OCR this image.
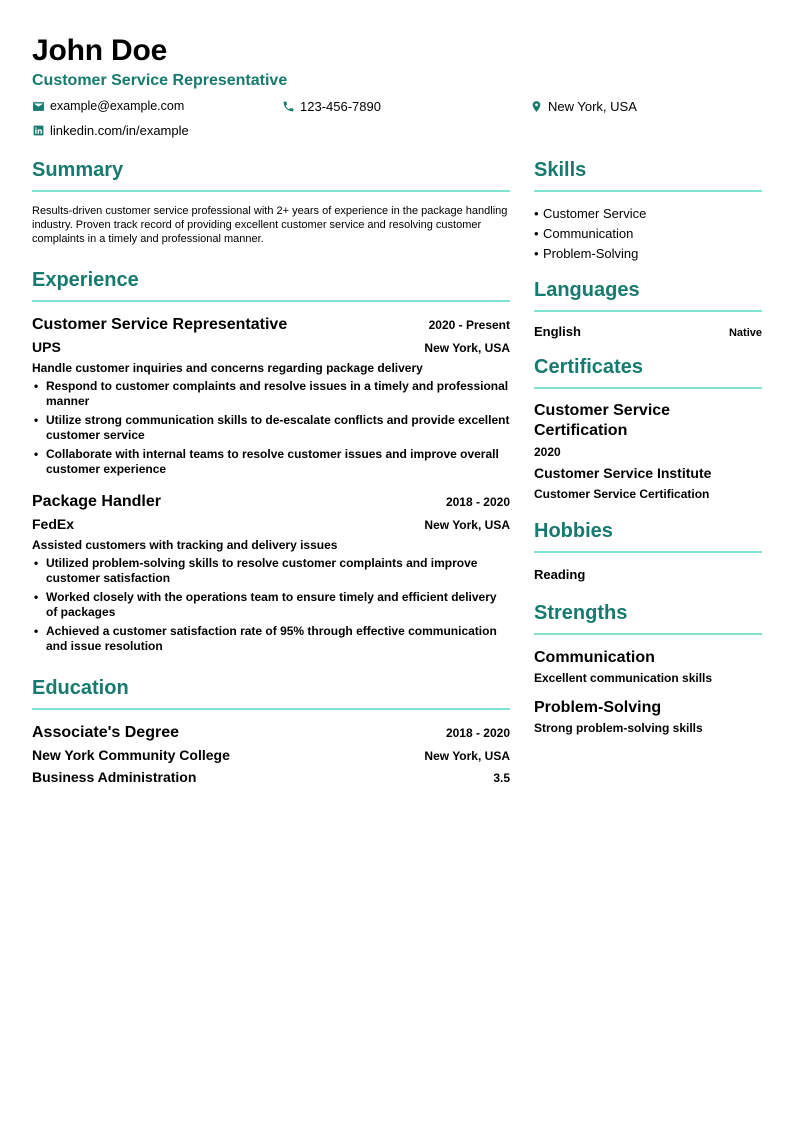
John Doe
Customer Service Representative
example@example.com	123-456-7890	New York, USA
linkedin.com/in/example
Summary
Results-driven customer service professional with 2+ years of experience in the package handling industry. Proven track record of providing excellent customer service and resolving customer complaints in a timely and professional manner.
Experience
Customer Service Representative	2020 - Present
UPS	New York, USA
Handle customer inquiries and concerns regarding package delivery
• Respond to customer complaints and resolve issues in a timely and professional manner
• Utilize strong communication skills to de-escalate conflicts and provide excellent customer service
• Collaborate with internal teams to resolve customer issues and improve overall customer experience
Package Handler	2018 - 2020
FedEx	New York, USA
Assisted customers with tracking and delivery issues
• Utilized problem-solving skills to resolve customer complaints and improve customer satisfaction
• Worked closely with the operations team to ensure timely and efficient delivery of packages
• Achieved a customer satisfaction rate of 95% through effective communication and issue resolution
Education
Associate's Degree	2018 - 2020
New York Community College	New York, USA
Business Administration	3.5
Skills
• Customer Service
• Communication
• Problem-Solving
Languages
English	Native
Certificates
Customer Service Certification
2020
Customer Service Institute
Customer Service Certification
Hobbies
Reading
Strengths
Communication
Excellent communication skills
Problem-Solving
Strong problem-solving skills
